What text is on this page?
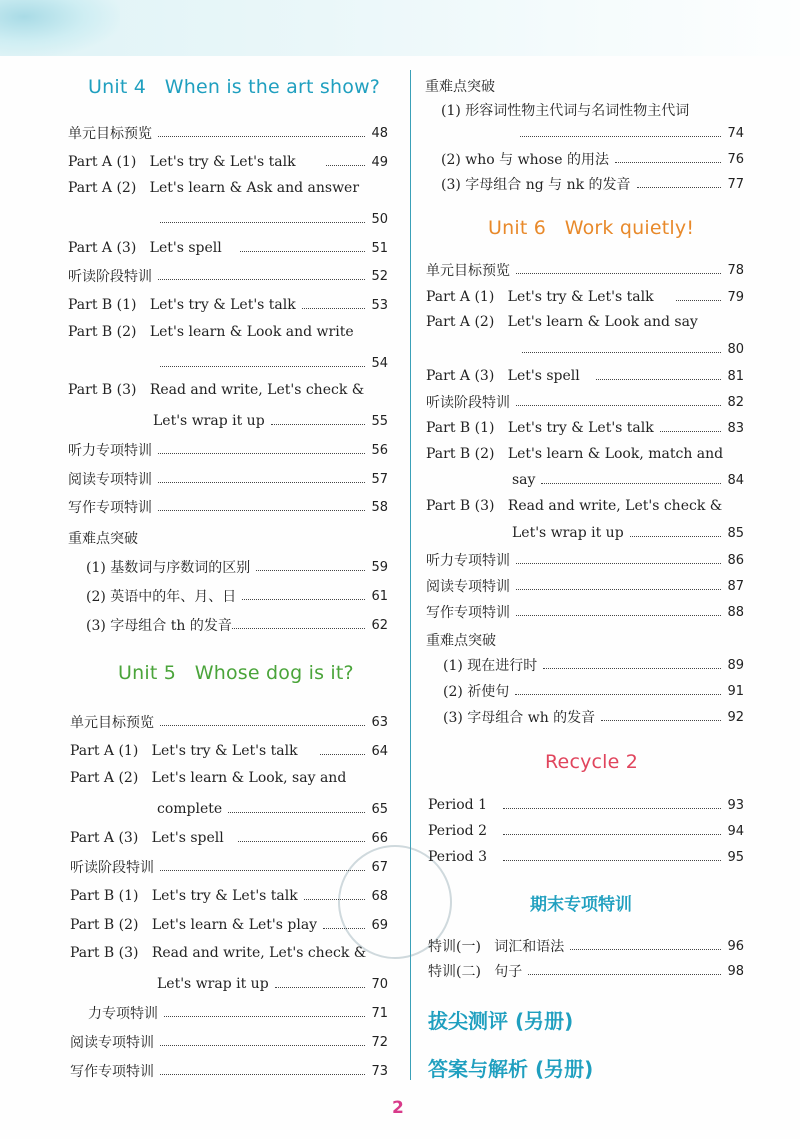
Unit 4   When is the art show?
单元目标预览	48
Part A (1)   Let's try & Let's talk	49
Part A (2)   Let's learn & Ask and answer
50
Part A (3)   Let's spell	51
听读阶段特训	52
Part B (1)   Let's try & Let's talk	53
Part B (2)   Let's learn & Look and write
54
Part B (3)   Read and write, Let's check &
Let's wrap it up	55
听力专项特训	56
阅读专项特训	57
写作专项特训	58
重难点突破
(1) 基数词与序数词的区别	59
(2) 英语中的年、月、日	61
(3) 字母组合 th 的发音	62
Unit 5   Whose dog is it?
单元目标预览	63
Part A (1)   Let's try & Let's talk	64
Part A (2)   Let's learn & Look, say and
complete	65
Part A (3)   Let's spell	66
听读阶段特训	67
Part B (1)   Let's try & Let's talk	68
Part B (2)   Let's learn & Let's play	69
Part B (3)   Read and write, Let's check &
Let's wrap it up	70
力专项特训	71
阅读专项特训	72
写作专项特训	73
重难点突破
(1) 形容词性物主代词与名词性物主代词
74
(2) who 与 whose 的用法	76
(3) 字母组合 ng 与 nk 的发音	77
Unit 6   Work quietly!
单元目标预览	78
Part A (1)   Let's try & Let's talk	79
Part A (2)   Let's learn & Look and say
80
Part A (3)   Let's spell	81
听读阶段特训	82
Part B (1)   Let's try & Let's talk	83
Part B (2)   Let's learn & Look, match and
say	84
Part B (3)   Read and write, Let's check &
Let's wrap it up	85
听力专项特训	86
阅读专项特训	87
写作专项特训	88
重难点突破
(1) 现在进行时	89
(2) 祈使句	91
(3) 字母组合 wh 的发音	92
Recycle 2
Period 1	93
Period 2	94
Period 3	95
期末专项特训
特训(一)   词汇和语法	96
特训(二)   句子	98
拔尖测评 (另册)
答案与解析 (另册)
2
